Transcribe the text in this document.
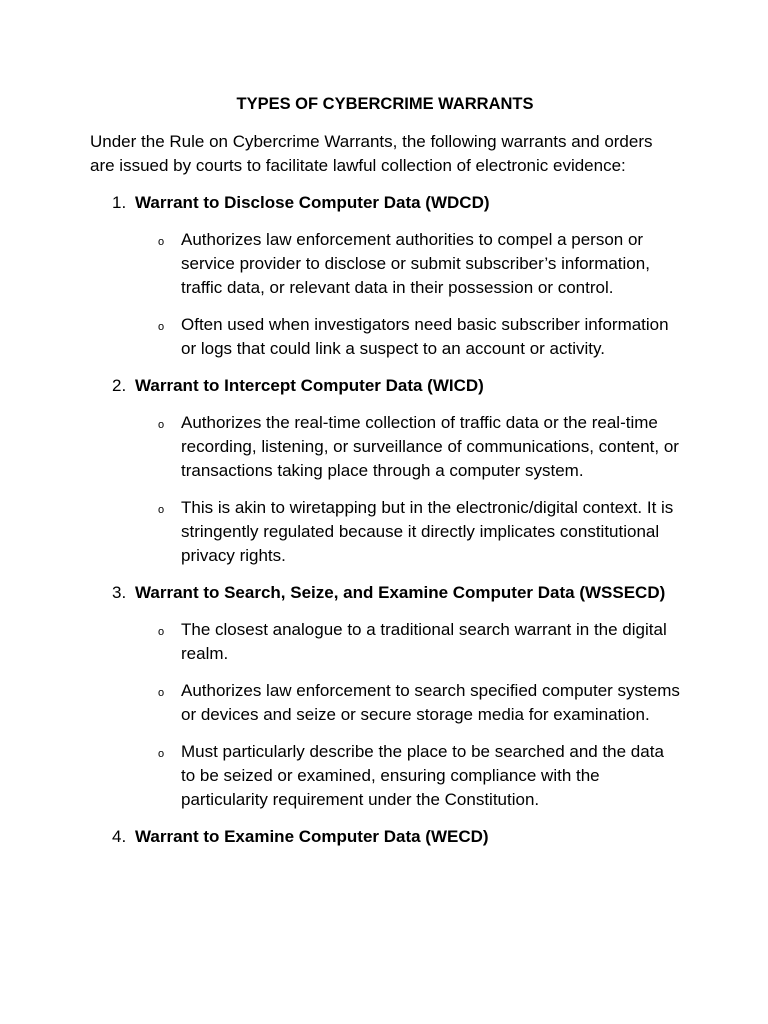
TYPES OF CYBERCRIME WARRANTS
Under the Rule on Cybercrime Warrants, the following warrants and orders are issued by courts to facilitate lawful collection of electronic evidence:
1. Warrant to Disclose Computer Data (WDCD)
o Authorizes law enforcement authorities to compel a person or service provider to disclose or submit subscriber’s information, traffic data, or relevant data in their possession or control.
o Often used when investigators need basic subscriber information or logs that could link a suspect to an account or activity.
2. Warrant to Intercept Computer Data (WICD)
o Authorizes the real-time collection of traffic data or the real-time recording, listening, or surveillance of communications, content, or transactions taking place through a computer system.
o This is akin to wiretapping but in the electronic/digital context. It is stringently regulated because it directly implicates constitutional privacy rights.
3. Warrant to Search, Seize, and Examine Computer Data (WSSECD)
o The closest analogue to a traditional search warrant in the digital realm.
o Authorizes law enforcement to search specified computer systems or devices and seize or secure storage media for examination.
o Must particularly describe the place to be searched and the data to be seized or examined, ensuring compliance with the particularity requirement under the Constitution.
4. Warrant to Examine Computer Data (WECD)
